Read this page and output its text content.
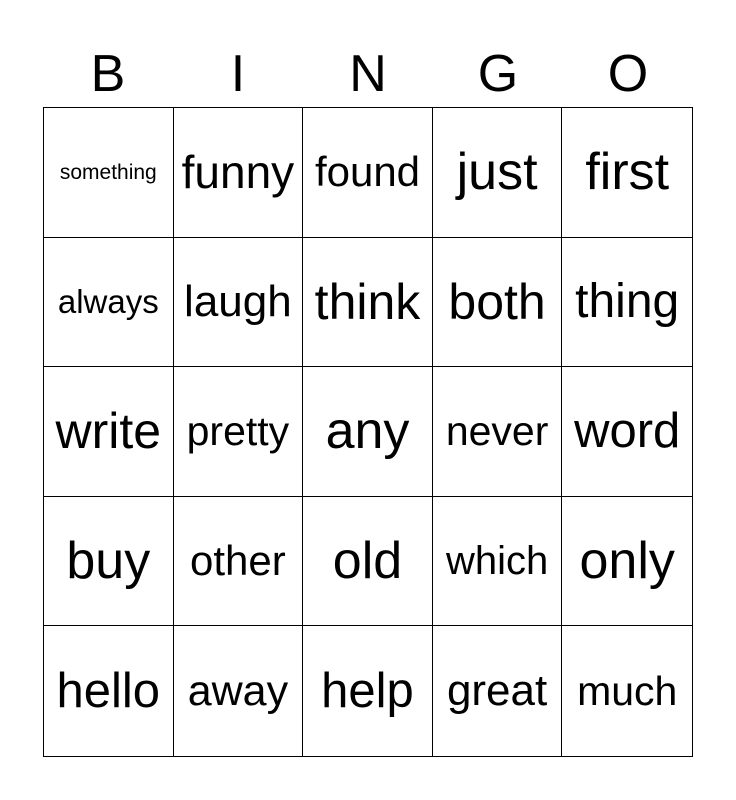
B	I	N	G	O
something funny found just first
always laugh think both thing
write pretty any never word
buy other old	which only
hello away help great much
